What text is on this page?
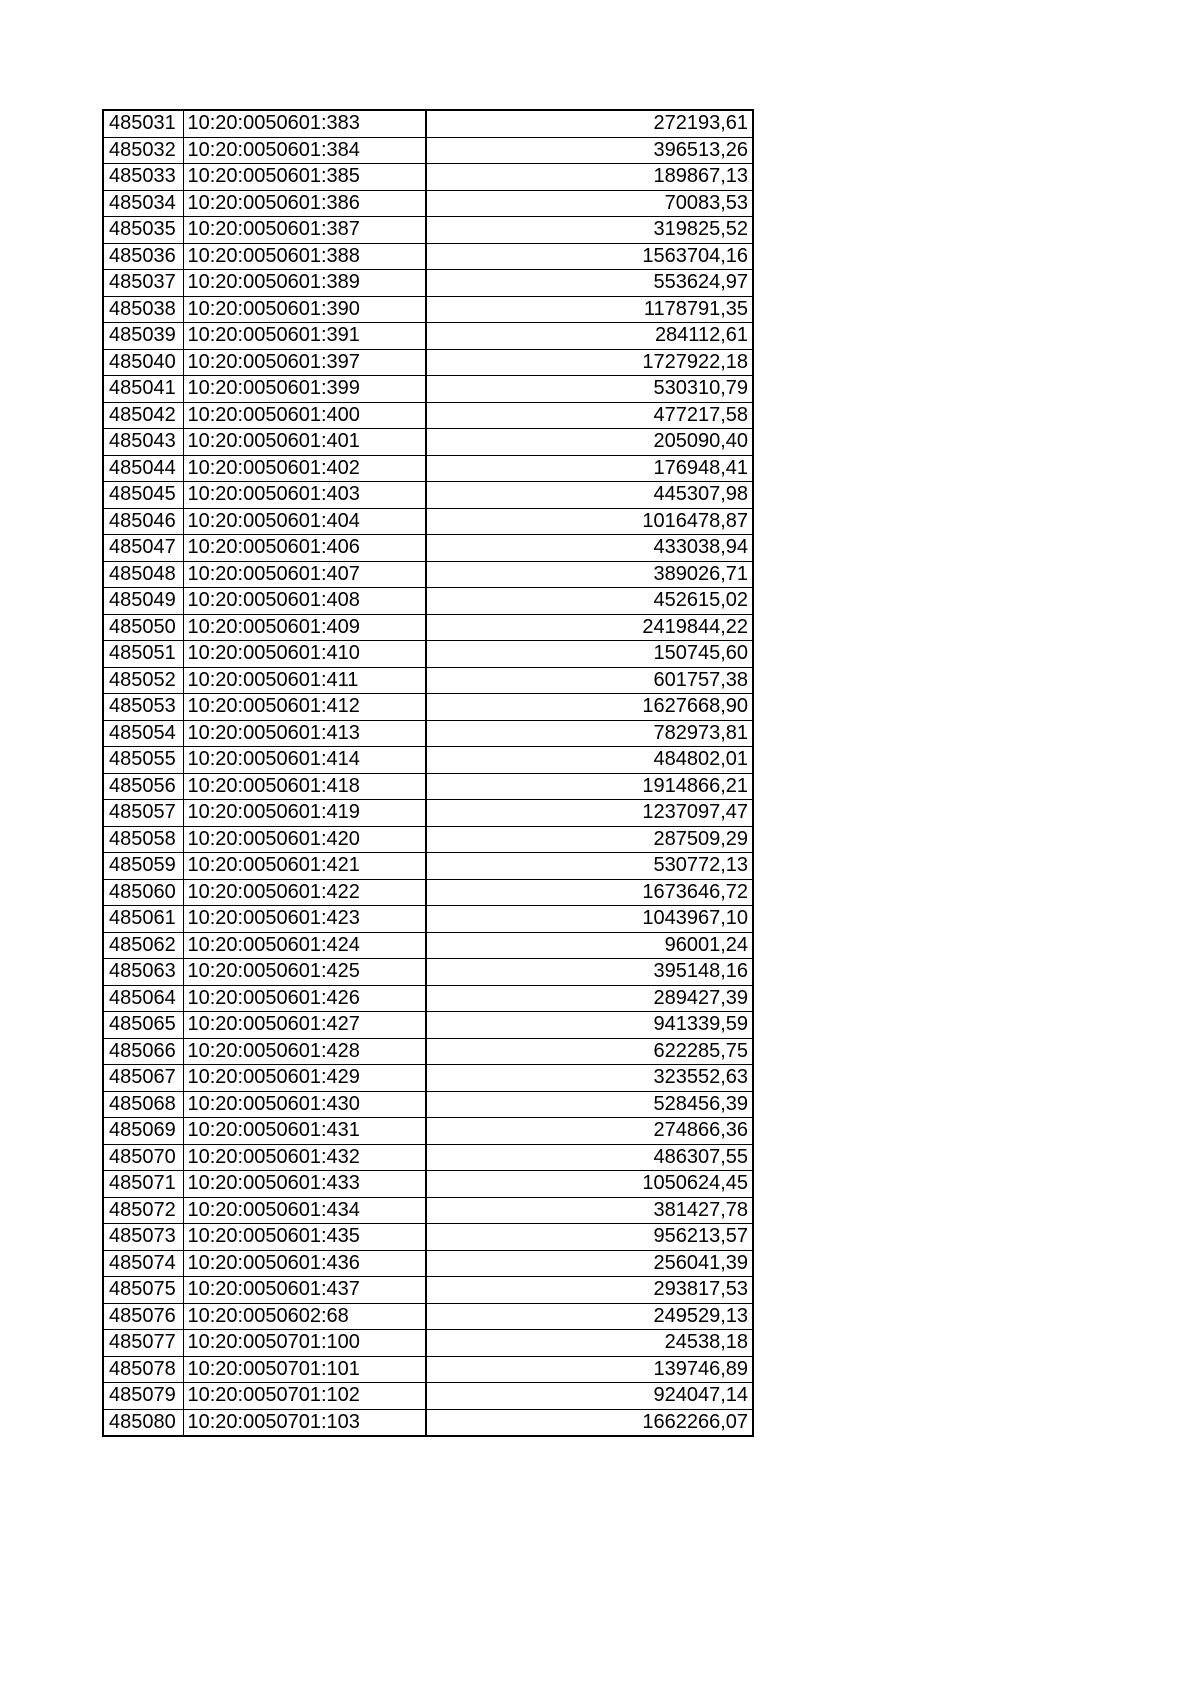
485031	10:20:0050601:383	272193,61
485032	10:20:0050601:384	396513,26
485033	10:20:0050601:385	189867,13
485034	10:20:0050601:386	70083,53
485035	10:20:0050601:387	319825,52
485036	10:20:0050601:388	1563704,16
485037	10:20:0050601:389	553624,97
485038	10:20:0050601:390	1178791,35
485039	10:20:0050601:391	284112,61
485040	10:20:0050601:397	1727922,18
485041	10:20:0050601:399	530310,79
485042	10:20:0050601:400	477217,58
485043	10:20:0050601:401	205090,40
485044	10:20:0050601:402	176948,41
485045	10:20:0050601:403	445307,98
485046	10:20:0050601:404	1016478,87
485047	10:20:0050601:406	433038,94
485048	10:20:0050601:407	389026,71
485049	10:20:0050601:408	452615,02
485050	10:20:0050601:409	2419844,22
485051	10:20:0050601:410	150745,60
485052	10:20:0050601:411	601757,38
485053	10:20:0050601:412	1627668,90
485054	10:20:0050601:413	782973,81
485055	10:20:0050601:414	484802,01
485056	10:20:0050601:418	1914866,21
485057	10:20:0050601:419	1237097,47
485058	10:20:0050601:420	287509,29
485059	10:20:0050601:421	530772,13
485060	10:20:0050601:422	1673646,72
485061	10:20:0050601:423	1043967,10
485062	10:20:0050601:424	96001,24
485063	10:20:0050601:425	395148,16
485064	10:20:0050601:426	289427,39
485065	10:20:0050601:427	941339,59
485066	10:20:0050601:428	622285,75
485067	10:20:0050601:429	323552,63
485068	10:20:0050601:430	528456,39
485069	10:20:0050601:431	274866,36
485070	10:20:0050601:432	486307,55
485071	10:20:0050601:433	1050624,45
485072	10:20:0050601:434	381427,78
485073	10:20:0050601:435	956213,57
485074	10:20:0050601:436	256041,39
485075	10:20:0050601:437	293817,53
485076	10:20:0050602:68	249529,13
485077	10:20:0050701:100	24538,18
485078	10:20:0050701:101	139746,89
485079	10:20:0050701:102	924047,14
485080	10:20:0050701:103	1662266,07
